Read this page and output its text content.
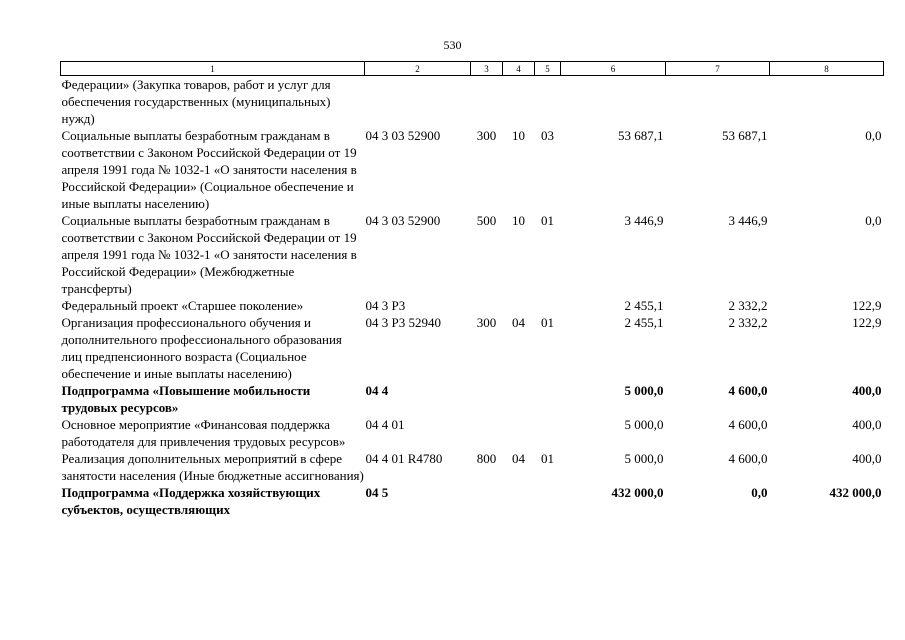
530
1	2	3	4	5	6	7	8
Федерации» (Закупка товаров, работ и услуг для обеспечения государственных (муниципальных) нужд)							
Социальные выплаты безработным гражданам в соответствии с Законом Российской Федерации от 19 апреля 1991 года № 1032-1 «О занятости населения в Российской Федерации» (Социальное обеспечение и иные выплаты населению)	04 3 03 52900	300	10	03	53 687,1	53 687,1	0,0
Социальные выплаты безработным гражданам в соответствии с Законом Российской Федерации от 19 апреля 1991 года № 1032-1 «О занятости населения в Российской Федерации» (Межбюджетные трансферты)	04 3 03 52900	500	10	01	3 446,9	3 446,9	0,0
Федеральный проект «Старшее поколение»	04 3 P3				2 455,1	2 332,2	122,9
Организация профессионального обучения и дополнительного профессионального образования лиц предпенсионного возраста (Социальное обеспечение и иные выплаты населению)	04 3 P3 52940	300	04	01	2 455,1	2 332,2	122,9
Подпрограмма «Повышение мобильности трудовых ресурсов»	04 4				5 000,0	4 600,0	400,0
Основное мероприятие «Финансовая поддержка работодателя для привлечения трудовых ресурсов»	04 4 01				5 000,0	4 600,0	400,0
Реализация дополнительных мероприятий в сфере занятости населения (Иные бюджетные ассигнования)	04 4 01 R4780	800	04	01	5 000,0	4 600,0	400,0
Подпрограмма «Поддержка хозяйствующих субъектов, осуществляющих	04 5				432 000,0	0,0	432 000,0
